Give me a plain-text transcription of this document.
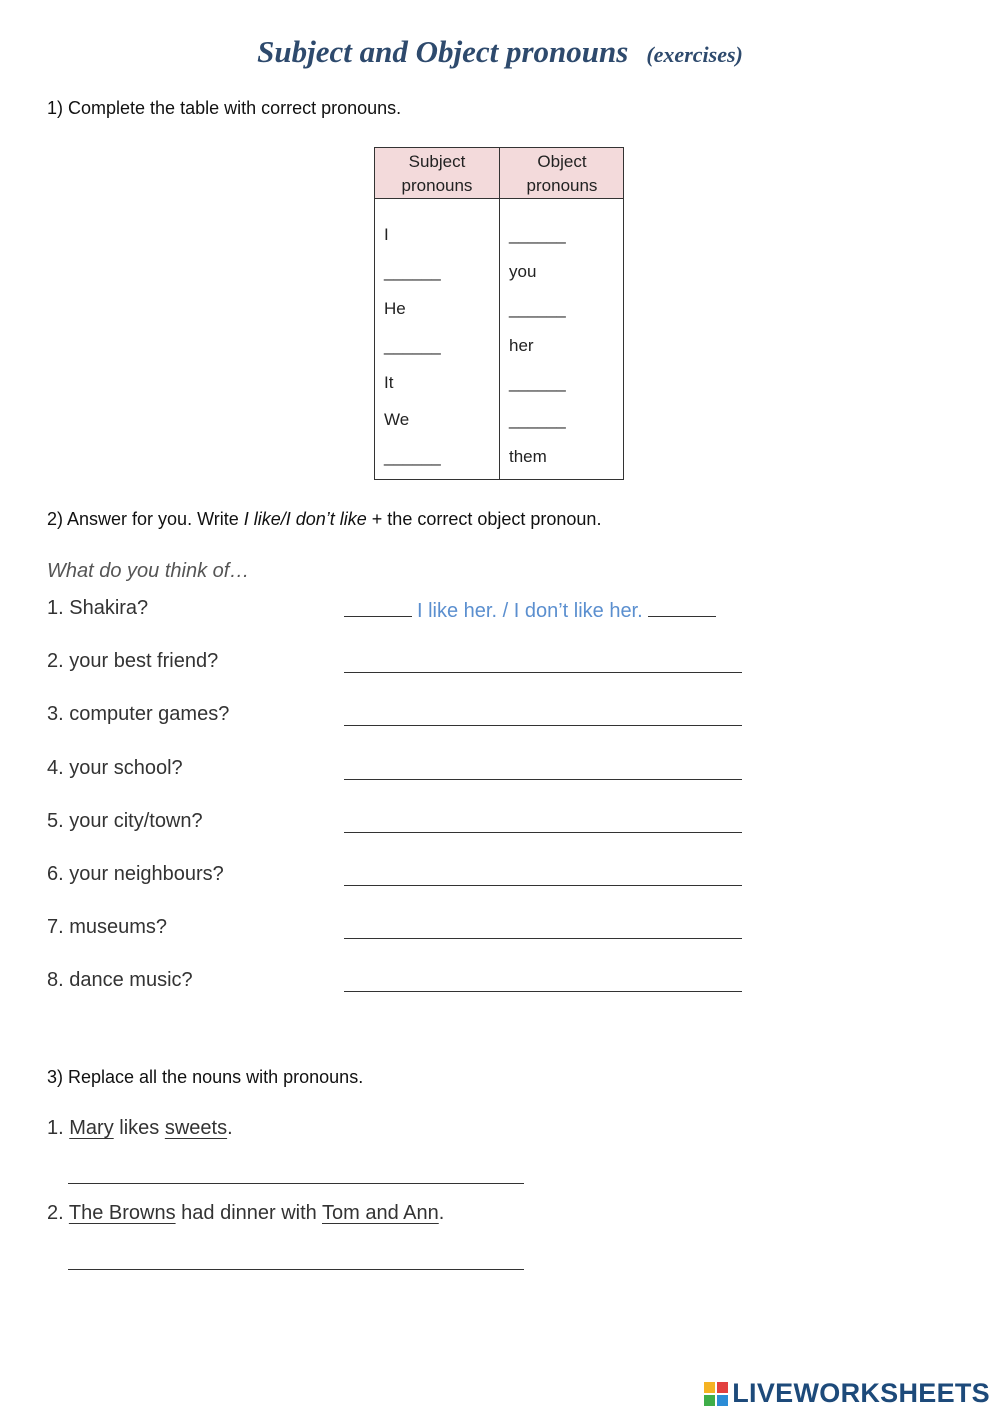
Subject and Object pronouns (exercises)
1) Complete the table with correct pronouns.
Subject
pronouns
Object
pronouns
I	______
______	you
He	______
______	her
It	______
We	______
______	them
2) Answer for you. Write I like/I don’t like + the correct object pronoun.
What do you think of…
1. Shakira?	I like her. / I don’t like her.
2. your best friend?
3. computer games?
4. your school?
5. your city/town?
6. your neighbours?
7. museums?
8. dance music?
3) Replace all the nouns with pronouns.
1. Mary likes sweets.
2. The Browns had dinner with Tom and Ann.
LIVEWORKSHEETS
